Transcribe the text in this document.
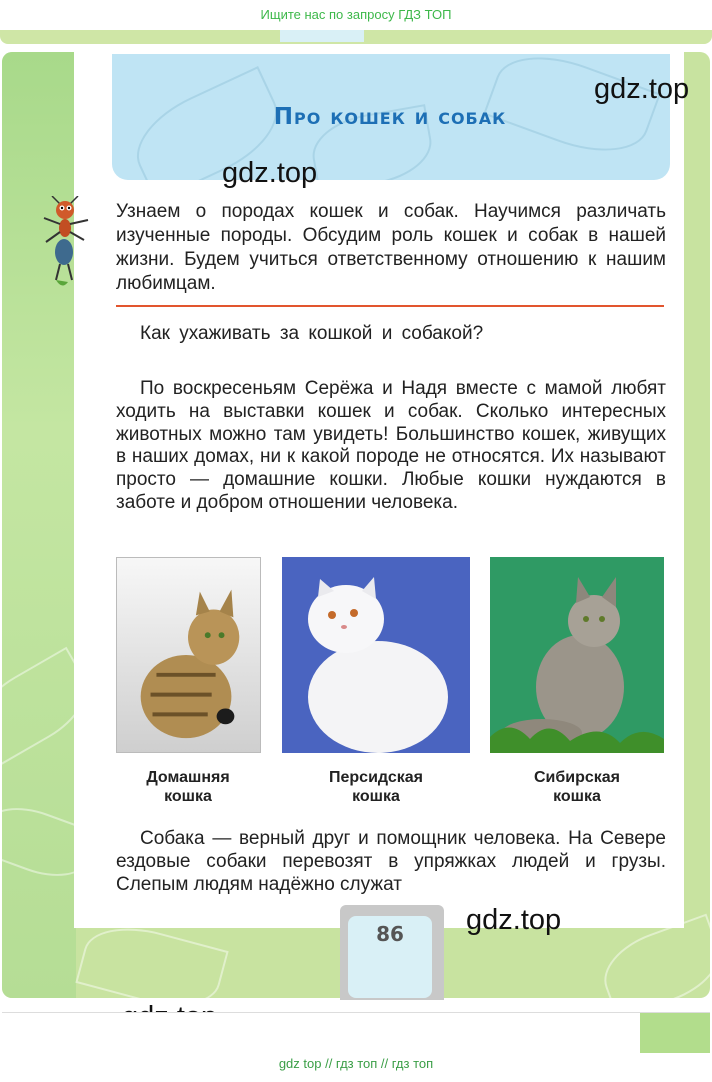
Ищите нас по запросу ГДЗ ТОП
Про кошек и собак
gdz.top
gdz.top
gdz.top

Узнаем о породах кошек и собак. Научимся различать изученные породы. Обсудим роль кошек и собак в нашей жизни. Будем учиться ответственному отношению к нашим любимцам.

Как ухаживать за кошкой и собакой?

По воскресеньям Серёжа и Надя вместе с мамой любят ходить на выставки кошек и собак. Сколько интересных животных можно там увидеть! Большинство кошек, живущих в наших домах, ни к какой породе не относятся. Их называют просто — домашние кошки. Любые кошки нуждаются в заботе и добром отношении человека.

Домашняя
кошка
Персидская
кошка
Сибирская
кошка

Собака — верный друг и помощник человека. На Севере ездовые собаки перевозят в упряжках людей и грузы. Слепым людям надёжно служат

86
gdz top // гдз топ // гдз топ
